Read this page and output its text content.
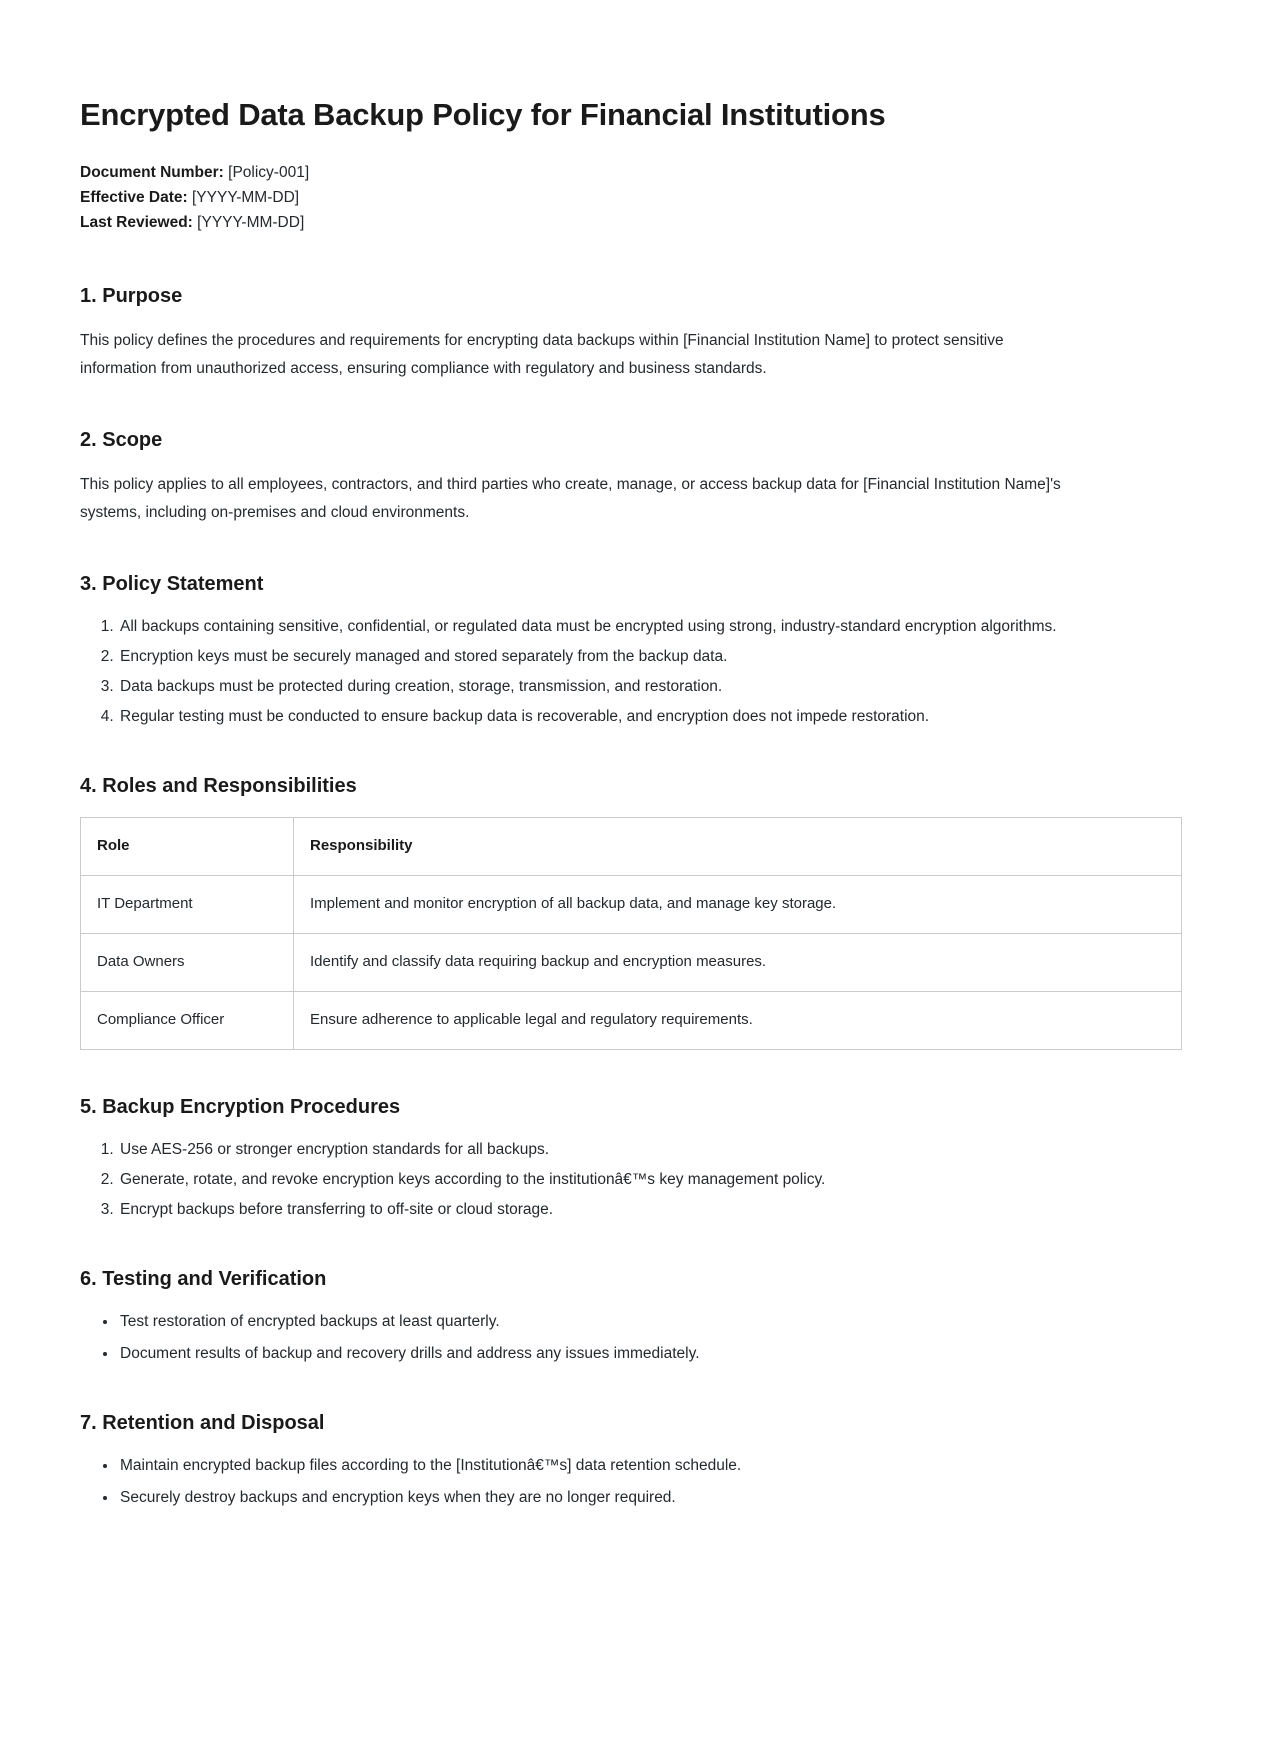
Encrypted Data Backup Policy for Financial Institutions
Document Number: [Policy-001]
Effective Date: [YYYY-MM-DD]
Last Reviewed: [YYYY-MM-DD]
1. Purpose

This policy defines the procedures and requirements for encrypting data backups within [Financial Institution Name] to protect sensitive information from unauthorized access, ensuring compliance with regulatory and business standards.

2. Scope

This policy applies to all employees, contractors, and third parties who create, manage, or access backup data for [Financial Institution Name]'s systems, including on-premises and cloud environments.

3. Policy Statement
1. All backups containing sensitive, confidential, or regulated data must be encrypted using strong, industry-standard encryption algorithms.
2. Encryption keys must be securely managed and stored separately from the backup data.
3. Data backups must be protected during creation, storage, transmission, and restoration.
4. Regular testing must be conducted to ensure backup data is recoverable, and encryption does not impede restoration.
4. Roles and Responsibilities
Role	Responsibility
IT Department	Implement and monitor encryption of all backup data, and manage key storage.
Data Owners	Identify and classify data requiring backup and encryption measures.
Compliance Officer	Ensure adherence to applicable legal and regulatory requirements.
5. Backup Encryption Procedures
1. Use AES-256 or stronger encryption standards for all backups.
2. Generate, rotate, and revoke encryption keys according to the institutionâ€™s key management policy.
3. Encrypt backups before transferring to off-site or cloud storage.
6. Testing and Verification
• Test restoration of encrypted backups at least quarterly.
• Document results of backup and recovery drills and address any issues immediately.
7. Retention and Disposal
• Maintain encrypted backup files according to the [Institutionâ€™s] data retention schedule.
• Securely destroy backups and encryption keys when they are no longer required.
